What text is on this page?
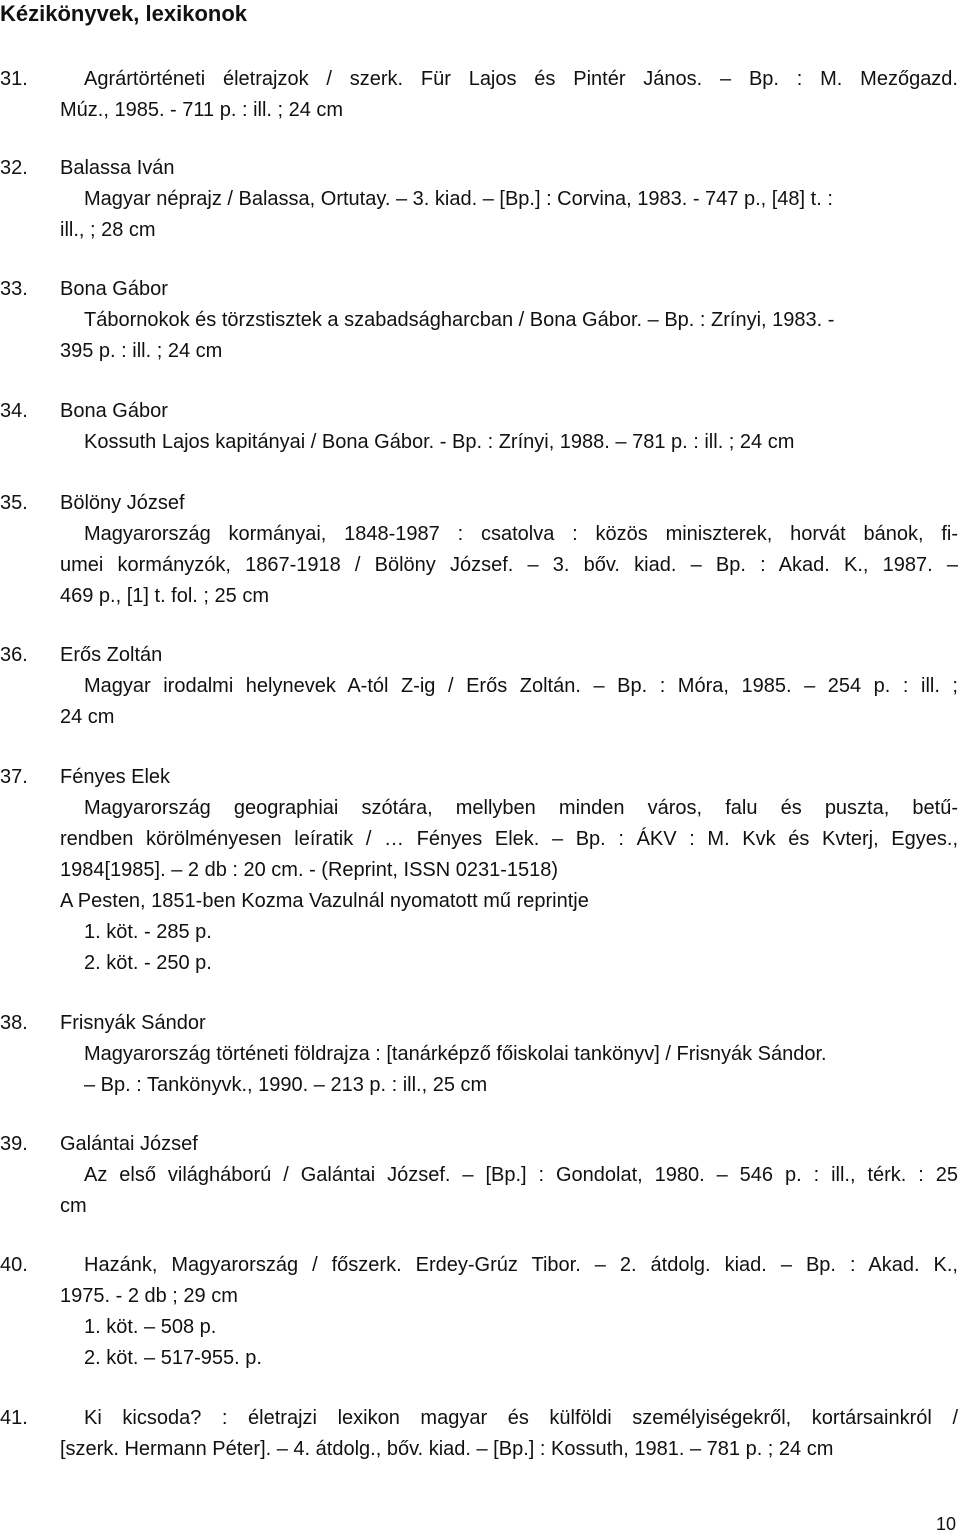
Kézikönyvek, lexikonok
31.	Agrártörténeti életrajzok / szerk. Für Lajos és Pintér János. – Bp. : M. Mezőgazd.
Múz., 1985. - 711 p. : ill. ; 24 cm
32. Balassa Iván
Magyar néprajz / Balassa, Ortutay. – 3. kiad. – [Bp.] : Corvina, 1983. - 747 p., [48] t. :
ill., ; 28 cm
33. Bona Gábor
Tábornokok és törzstisztek a szabadságharcban / Bona Gábor. – Bp. : Zrínyi, 1983. -
395 p. : ill. ; 24 cm
34. Bona Gábor
Kossuth Lajos kapitányai / Bona Gábor. - Bp. : Zrínyi, 1988. – 781 p. : ill. ; 24 cm
35. Bölöny József
Magyarország kormányai, 1848-1987 : csatolva : közös miniszterek, horvát bánok, fi-
umei kormányzók, 1867-1918 / Bölöny József. – 3. bőv. kiad. – Bp. : Akad. K., 1987. –
469 p., [1] t. fol. ; 25 cm
36. Erős Zoltán
Magyar irodalmi helynevek A-tól Z-ig / Erős Zoltán. – Bp. : Móra, 1985. – 254 p. : ill. ;
24 cm
37. Fényes Elek
Magyarország geographiai szótára, mellyben minden város, falu és puszta, betű-
rendben körölményesen leíratik / … Fényes Elek. – Bp. : ÁKV : M. Kvk és Kvterj, Egyes.,
1984[1985]. – 2 db : 20 cm. - (Reprint, ISSN 0231-1518)
A Pesten, 1851-ben Kozma Vazulnál nyomatott mű reprintje
1. köt. - 285 p.
2. köt. - 250 p.
38. Frisnyák Sándor
Magyarország történeti földrajza : [tanárképző főiskolai tankönyv] / Frisnyák Sándor.
– Bp. : Tankönyvk., 1990. – 213 p. : ill., 25 cm
39. Galántai József
Az első világháború / Galántai József. – [Bp.] : Gondolat, 1980. – 546 p. : ill., térk. : 25
cm
40.	Hazánk, Magyarország / főszerk. Erdey-Grúz Tibor. – 2. átdolg. kiad. – Bp. : Akad. K.,
1975. - 2 db ; 29 cm
1. köt. – 508 p.
2. köt. – 517-955. p.
41.	Ki kicsoda? : életrajzi lexikon magyar és külföldi személyiségekről, kortársainkról /
[szerk. Hermann Péter]. – 4. átdolg., bőv. kiad. – [Bp.] : Kossuth, 1981. – 781 p. ; 24 cm
10
